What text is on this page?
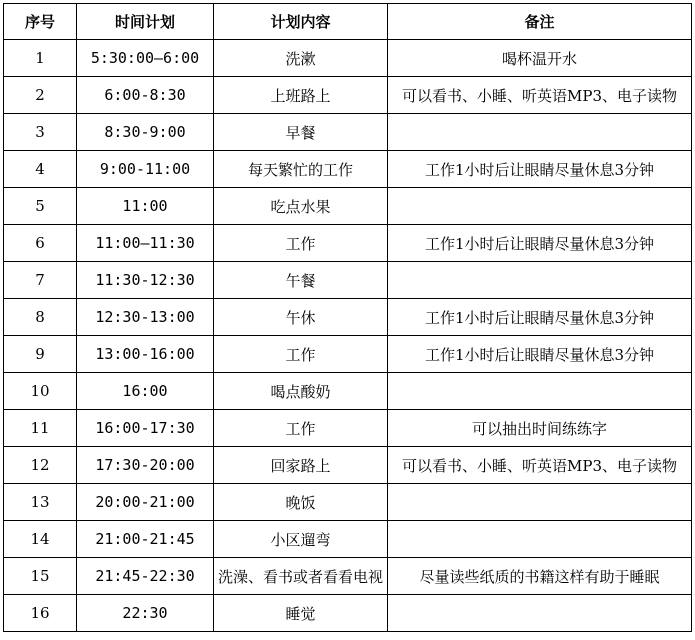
序号	时间计划	计划内容	备注
1	5:30:00—6:00	洗漱	喝杯温开水
2	6:00-8:30	上班路上	可以看书、小睡、听英语MP3、电子读物
3	8:30-9:00	早餐	
4	9:00-11:00	每天繁忙的工作	工作1小时后让眼睛尽量休息3分钟
5	11:00	吃点水果	
6	11:00—11:30	工作	工作1小时后让眼睛尽量休息3分钟
7	11:30-12:30	午餐	
8	12:30-13:00	午休	工作1小时后让眼睛尽量休息3分钟
9	13:00-16:00	工作	工作1小时后让眼睛尽量休息3分钟
10	16:00	喝点酸奶	
11	16:00-17:30	工作	可以抽出时间练练字
12	17:30-20:00	回家路上	可以看书、小睡、听英语MP3、电子读物
13	20:00-21:00	晚饭	
14	21:00-21:45	小区遛弯	
15	21:45-22:30	洗澡、看书或者看看电视	尽量读些纸质的书籍这样有助于睡眠
16	22:30	睡觉	
